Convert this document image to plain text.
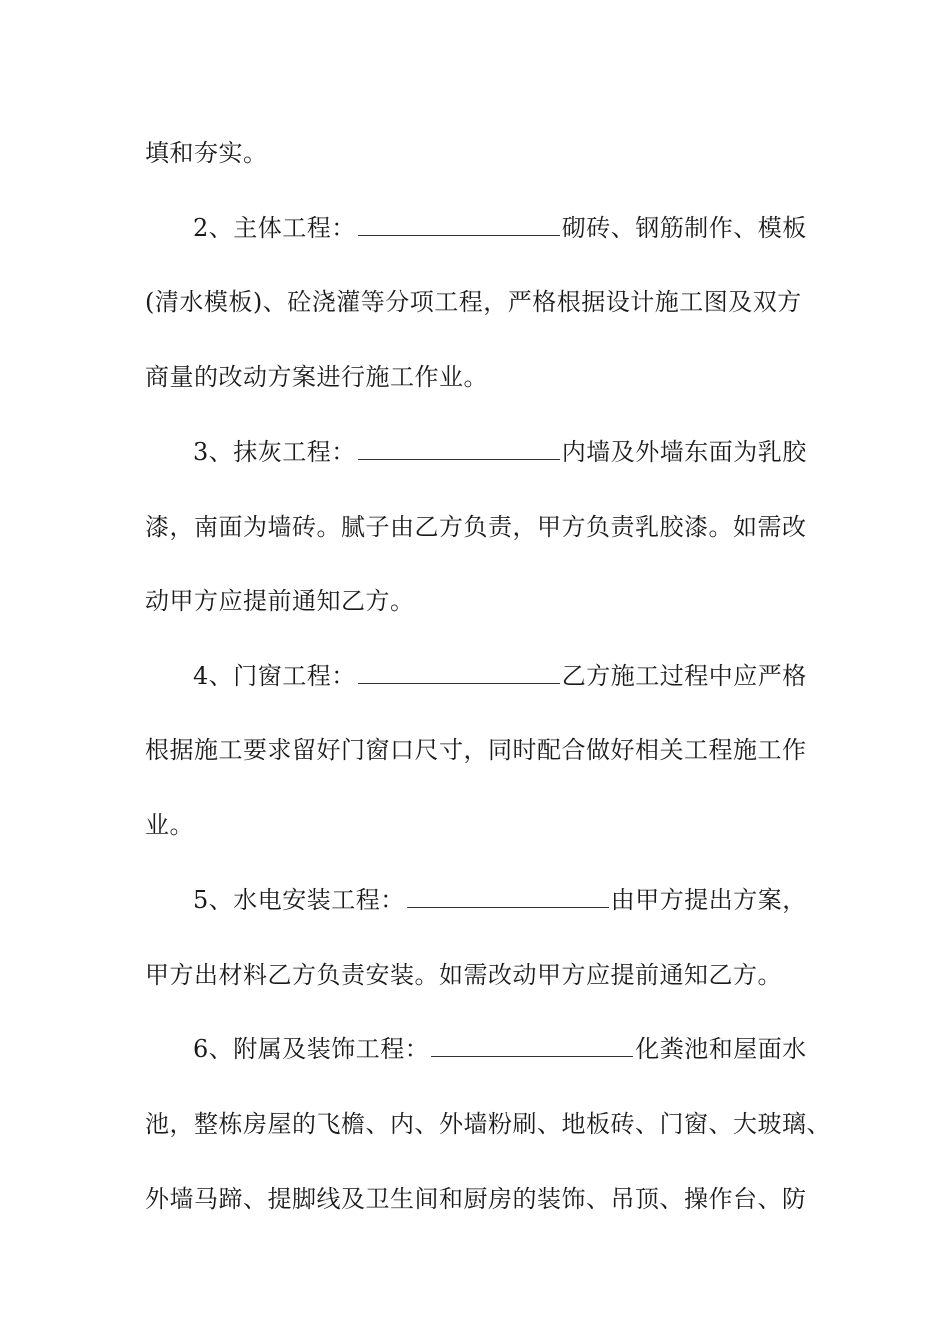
填和夯实。
2、主体工程：	砌砖、钢筋制作、模板
(清水模板)、砼浇灌等分项工程，严格根据设计施工图及双方
商量的改动方案进行施工作业。
3、抹灰工程：	内墙及外墙东面为乳胶
漆，南面为墙砖。腻子由乙方负责，甲方负责乳胶漆。如需改
动甲方应提前通知乙方。
4、门窗工程：	乙方施工过程中应严格
根据施工要求留好门窗口尺寸，同时配合做好相关工程施工作
业。
5、水电安装工程：	由甲方提出方案，
甲方出材料乙方负责安装。如需改动甲方应提前通知乙方。
6、附属及装饰工程：	化粪池和屋面水
池，整栋房屋的飞檐、内、外墙粉刷、地板砖、门窗、大玻璃、
外墙马蹄、提脚线及卫生间和厨房的装饰、吊顶、操作台、防
